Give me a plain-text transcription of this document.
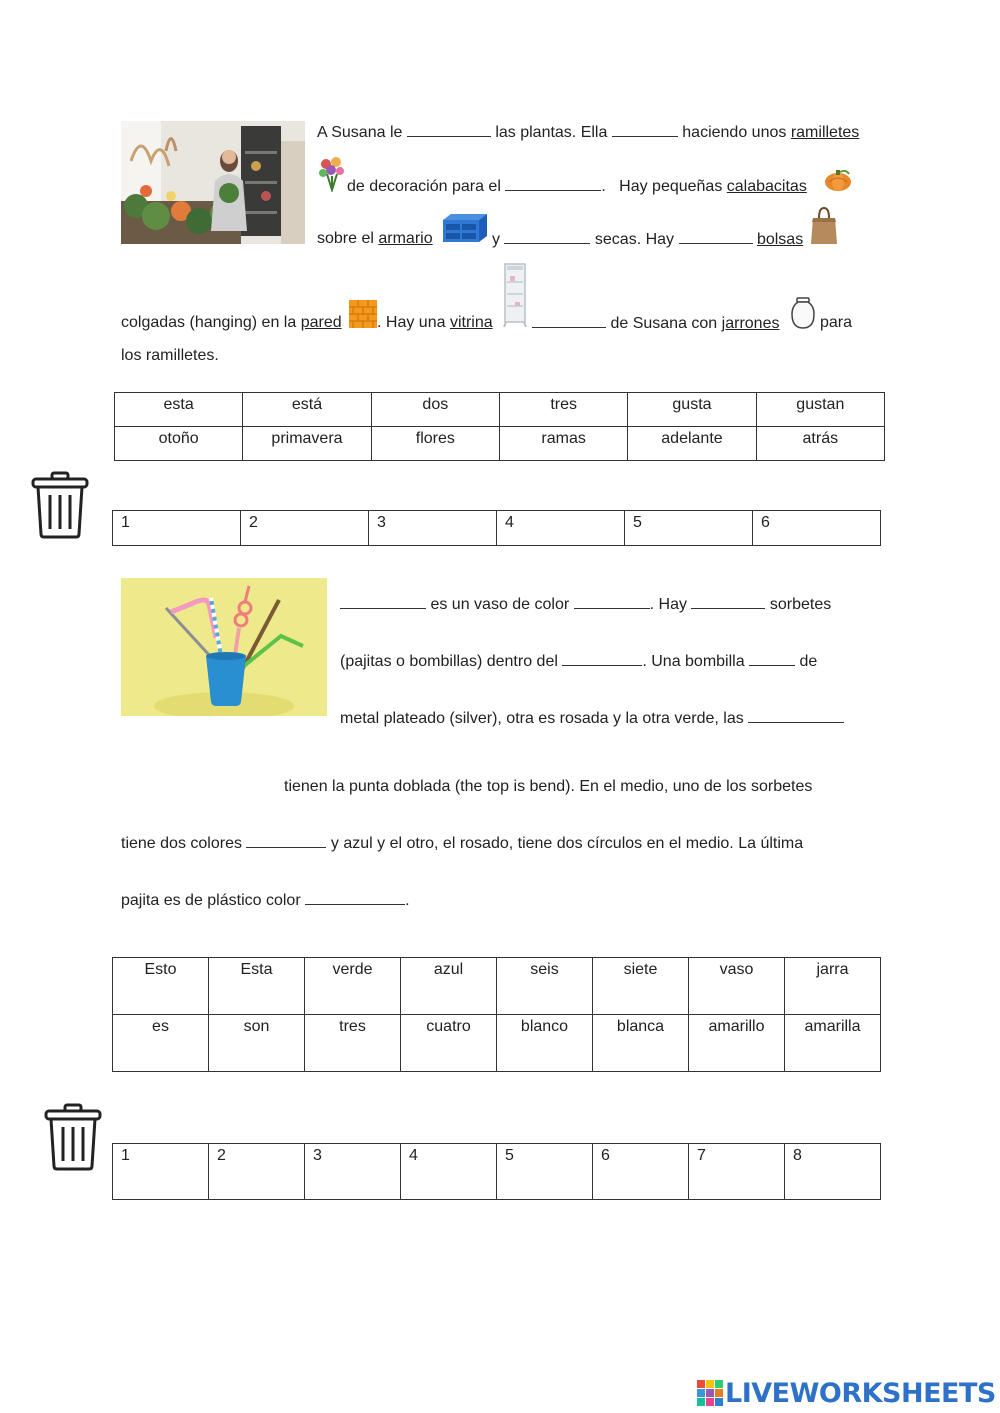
A Susana le	las plantas. Ella	haciendo unos ramilletes
de decoración para el	. Hay pequeñas calabacitas
sobre el armario	y	secas. Hay	bolsas
colgadas (hanging) en la pared . Hay una vitrina	de Susana con jarrones	para
los ramilletes.
esta	está	dos	tres	gusta	gustan
otoño	primavera	flores	ramas	adelante	atrás
1	2	3	4	5	6
es un vaso de color	. Hay	sorbetes
(pajitas o bombillas) dentro del	. Una bombilla	de
metal plateado (silver), otra es rosada y la otra verde, las
tienen la punta doblada (the top is bend). En el medio, uno de los sorbetes
tiene dos colores	y azul y el otro, el rosado, tiene dos círculos en el medio. La última
pajita es de plástico color	.
Esto	Esta	verde	azul	seis	siete	vaso	jarra
es	son	tres	cuatro	blanco	blanca	amarillo	amarilla
1	2	3	4	5	6	7	8
LIVEWORKSHEETS
